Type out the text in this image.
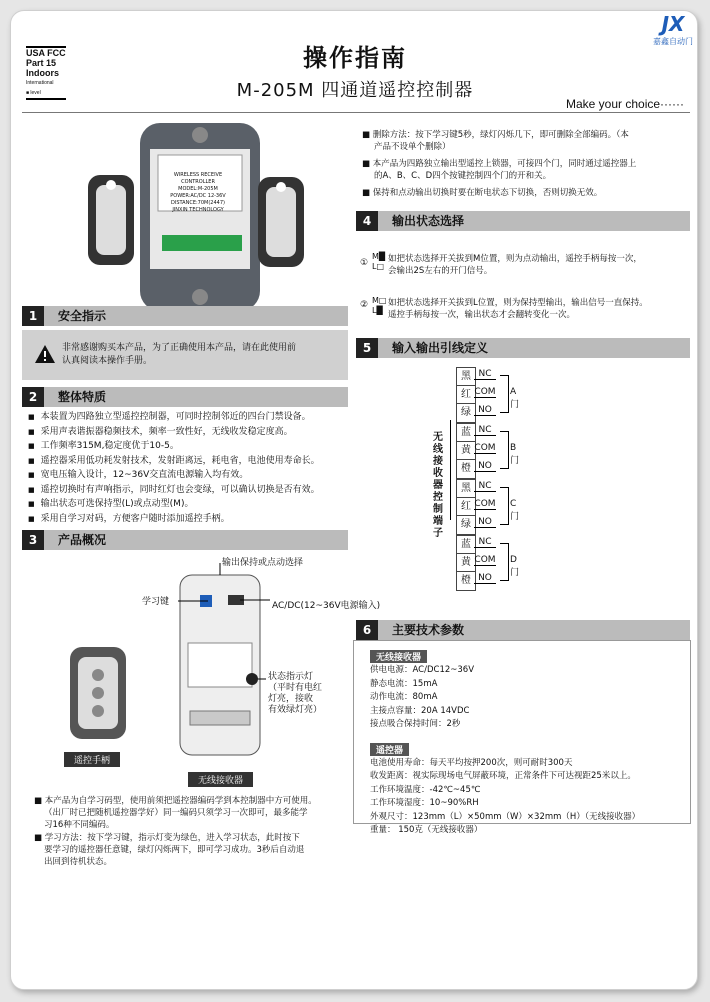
USA FCC
Part 15
Indoors
International
■ level
操作指南
M-205M 四通道遥控控制器
Make your choice······
JX
嘉鑫自动门
WIRELESS RECEIVE
CONTROLLER
MODEL:M-205M
POWER:AC/DC 12-36V
DISTANCE:70M(2447)
JINXIN TECHNOLOGY
1 安全指示
非常感谢购买本产品，为了正确使用本产品，请在此使用前
认真阅读本操作手册。
2 整体特质
■ 本装置为四路独立型遥控控制器，可同时控制邻近的四台门禁设备。
■ 采用声表谐振器稳频技术，频率一致性好，无线收发稳定度高。
■ 工作频率315M,稳定度优于10-5。
■ 遥控器采用低功耗发射技术，发射距离远，耗电省，电池使用寿命长。
■ 宽电压输入设计，12~36V交直流电源输入均有效。
■ 遥控切换时有声响指示，同时红灯也会变绿，可以确认切换是否有效。
■ 输出状态可选保持型(L)或点动型(M)。
■ 采用自学习对码，方便客户随时添加遥控手柄。
3 产品概况
输出保持或点动选择
学习键	AC/DC(12~36V电源输入)
状态指示灯
（平时有电红
灯亮，接收
有效绿灯亮）
遥控手柄
无线接收器
■ 本产品为自学习码型，使用前须把遥控器编码学到本控制器中方可使用。
（出厂时已把随机遥控器学好）同一编码只须学习一次即可，最多能学
习16种不同编码。
■ 学习方法：按下学习键，指示灯变为绿色，进入学习状态，此时按下
要学习的遥控器任意键，绿灯闪烁两下，即可学习成功。3秒后自动退
出回到待机状态。
■ 删除方法：按下学习键5秒，绿灯闪烁几下，即可删除全部编码。（本
产品不设单个删除）
■ 本产品为四路独立输出型遥控上锁器，可接四个门，同时通过遥控器上
的A、B、C、D四个按键控制四个门的开和关。
■ 保持和点动输出切换时要在断电状态下切换，否则切换无效。
4 输出状态选择
①
M█
L□
如把状态选择开关拔到M位置，则为点动输出，遥控手柄每按一次，
会输出2S左右的开门信号。
② M□
L█
如把状态选择开关拔到L位置，则为保持型输出，输出信号一直保持。
遥控手柄每按一次，输出状态才会翻转变化一次。
5 输入输出引线定义
无线接收器控制端子
黑 NC
红 COM
绿 NO
A门
蓝 NC
黄 COM
橙 NO
B门
黑 NC
红 COM
绿 NO
C门
蓝 NC
黄 COM
橙 NO
D门
6 主要技术参数
无线接收器
供电电源：AC/DC12~36V
静态电流：15mA
动作电流：80mA
主接点容量：20A 14VDC
接点吸合保持时间：2秒
遥控器
电池使用寿命：每天平均按押200次，则可耐时300天
收发距离：视实际现场电气屏蔽环境，正常条件下可达视距25米以上。
工作环境温度：-42℃~45℃
工作环境湿度：10~90%RH
外观尺寸：123mm（L）×50mm（W）×32mm（H）（无线接收器）
重量： 150克（无线接收器）
